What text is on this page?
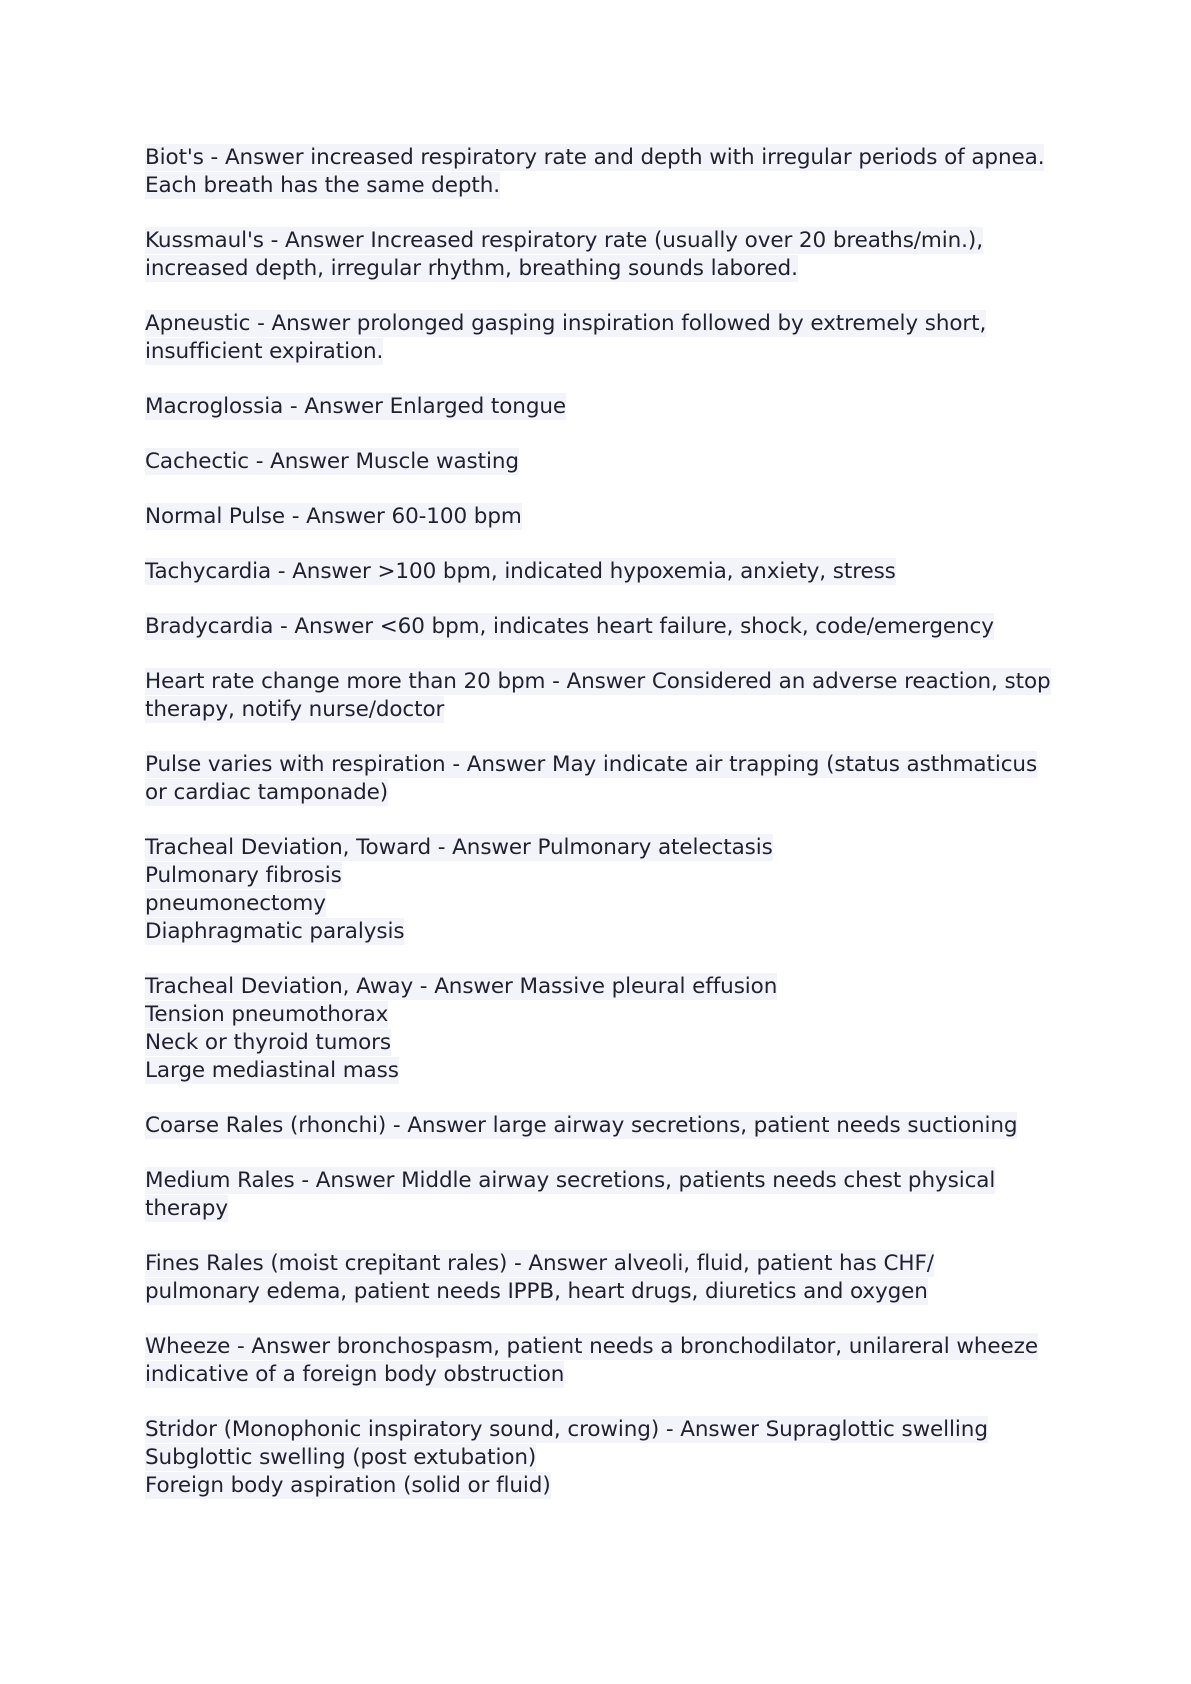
Biot's - Answer increased respiratory rate and depth with irregular periods of apnea.
Each breath has the same depth.
Kussmaul's - Answer Increased respiratory rate (usually over 20 breaths/min.),
increased depth, irregular rhythm, breathing sounds labored.
Apneustic - Answer prolonged gasping inspiration followed by extremely short,
insufficient expiration.
Macroglossia - Answer Enlarged tongue
Cachectic - Answer Muscle wasting
Normal Pulse - Answer 60-100 bpm
Tachycardia - Answer >100 bpm, indicated hypoxemia, anxiety, stress
Bradycardia - Answer <60 bpm, indicates heart failure, shock, code/emergency
Heart rate change more than 20 bpm - Answer Considered an adverse reaction, stop
therapy, notify nurse/doctor
Pulse varies with respiration - Answer May indicate air trapping (status asthmaticus
or cardiac tamponade)
Tracheal Deviation, Toward - Answer Pulmonary atelectasis
Pulmonary fibrosis
pneumonectomy
Diaphragmatic paralysis
Tracheal Deviation, Away - Answer Massive pleural effusion
Tension pneumothorax
Neck or thyroid tumors
Large mediastinal mass
Coarse Rales (rhonchi) - Answer large airway secretions, patient needs suctioning
Medium Rales - Answer Middle airway secretions, patients needs chest physical
therapy
Fines Rales (moist crepitant rales) - Answer alveoli, fluid, patient has CHF/
pulmonary edema, patient needs IPPB, heart drugs, diuretics and oxygen
Wheeze - Answer bronchospasm, patient needs a bronchodilator, unilareral wheeze
indicative of a foreign body obstruction
Stridor (Monophonic inspiratory sound, crowing) - Answer Supraglottic swelling
Subglottic swelling (post extubation)
Foreign body aspiration (solid or fluid)
